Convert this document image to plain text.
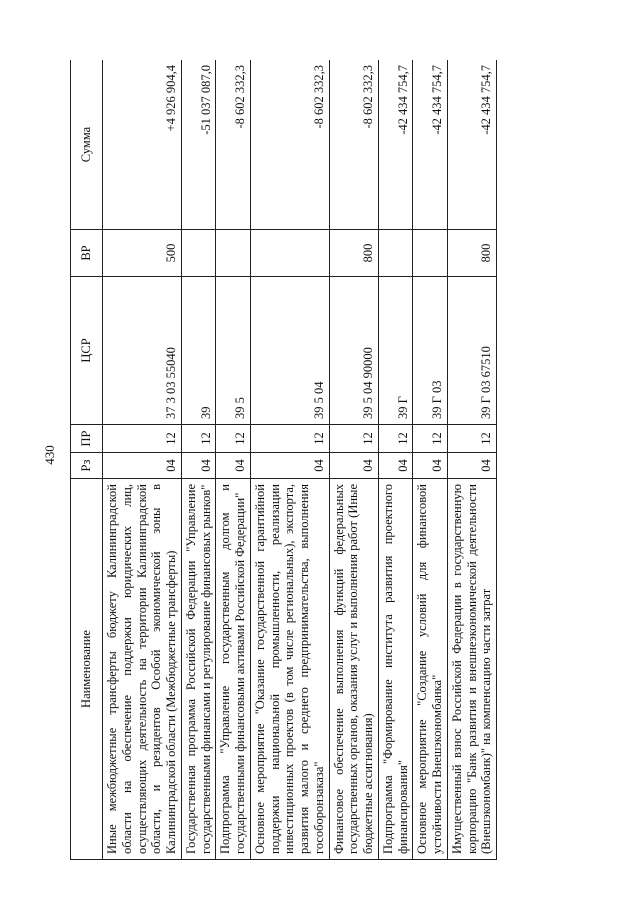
430
Наименование	Рз	ПР	ЦСР	ВР	Сумма
Иные межбюджетные трансферты бюджету Калининградской области на обеспечение поддержки юридических лиц, осуществляющих деятельность на территории Калининградской области, и резидентов Особой экономической зоны в Калининградской области (Межбюджетные трансферты)	04	12	37 3 03 55040	500	+4 926 904,4
Государственная программа Российской Федерации "Управление государственными финансами и регулирование финансовых рынков"	04	12	39		-51 037 087,0
Подпрограмма "Управление государственным долгом и государственными финансовыми активами Российской Федерации"	04	12	39 5		-8 602 332,3
Основное мероприятие "Оказание государственной гарантийной поддержки национальной промышленности, реализации инвестиционных проектов (в том числе региональных), экспорта, развития малого и среднего предпринимательства, выполнения гособоронзаказа"	04	12	39 5 04		-8 602 332,3
Финансовое обеспечение выполнения функций федеральных государственных органов, оказания услуг и выполнения работ (Иные бюджетные ассигнования)	04	12	39 5 04 90000	800	-8 602 332,3
Подпрограмма "Формирование института развития проектного финансирования"	04	12	39 Г		-42 434 754,7
Основное мероприятие "Создание условий для финансовой устойчивости Внешэкономбанка"	04	12	39 Г 03		-42 434 754,7
Имущественный взнос Российской Федерации в государственную корпорацию "Банк развития и внешнеэкономической деятельности (Внешэкономбанк)" на компенсацию части затрат	04	12	39 Г 03 67510	800	-42 434 754,7
